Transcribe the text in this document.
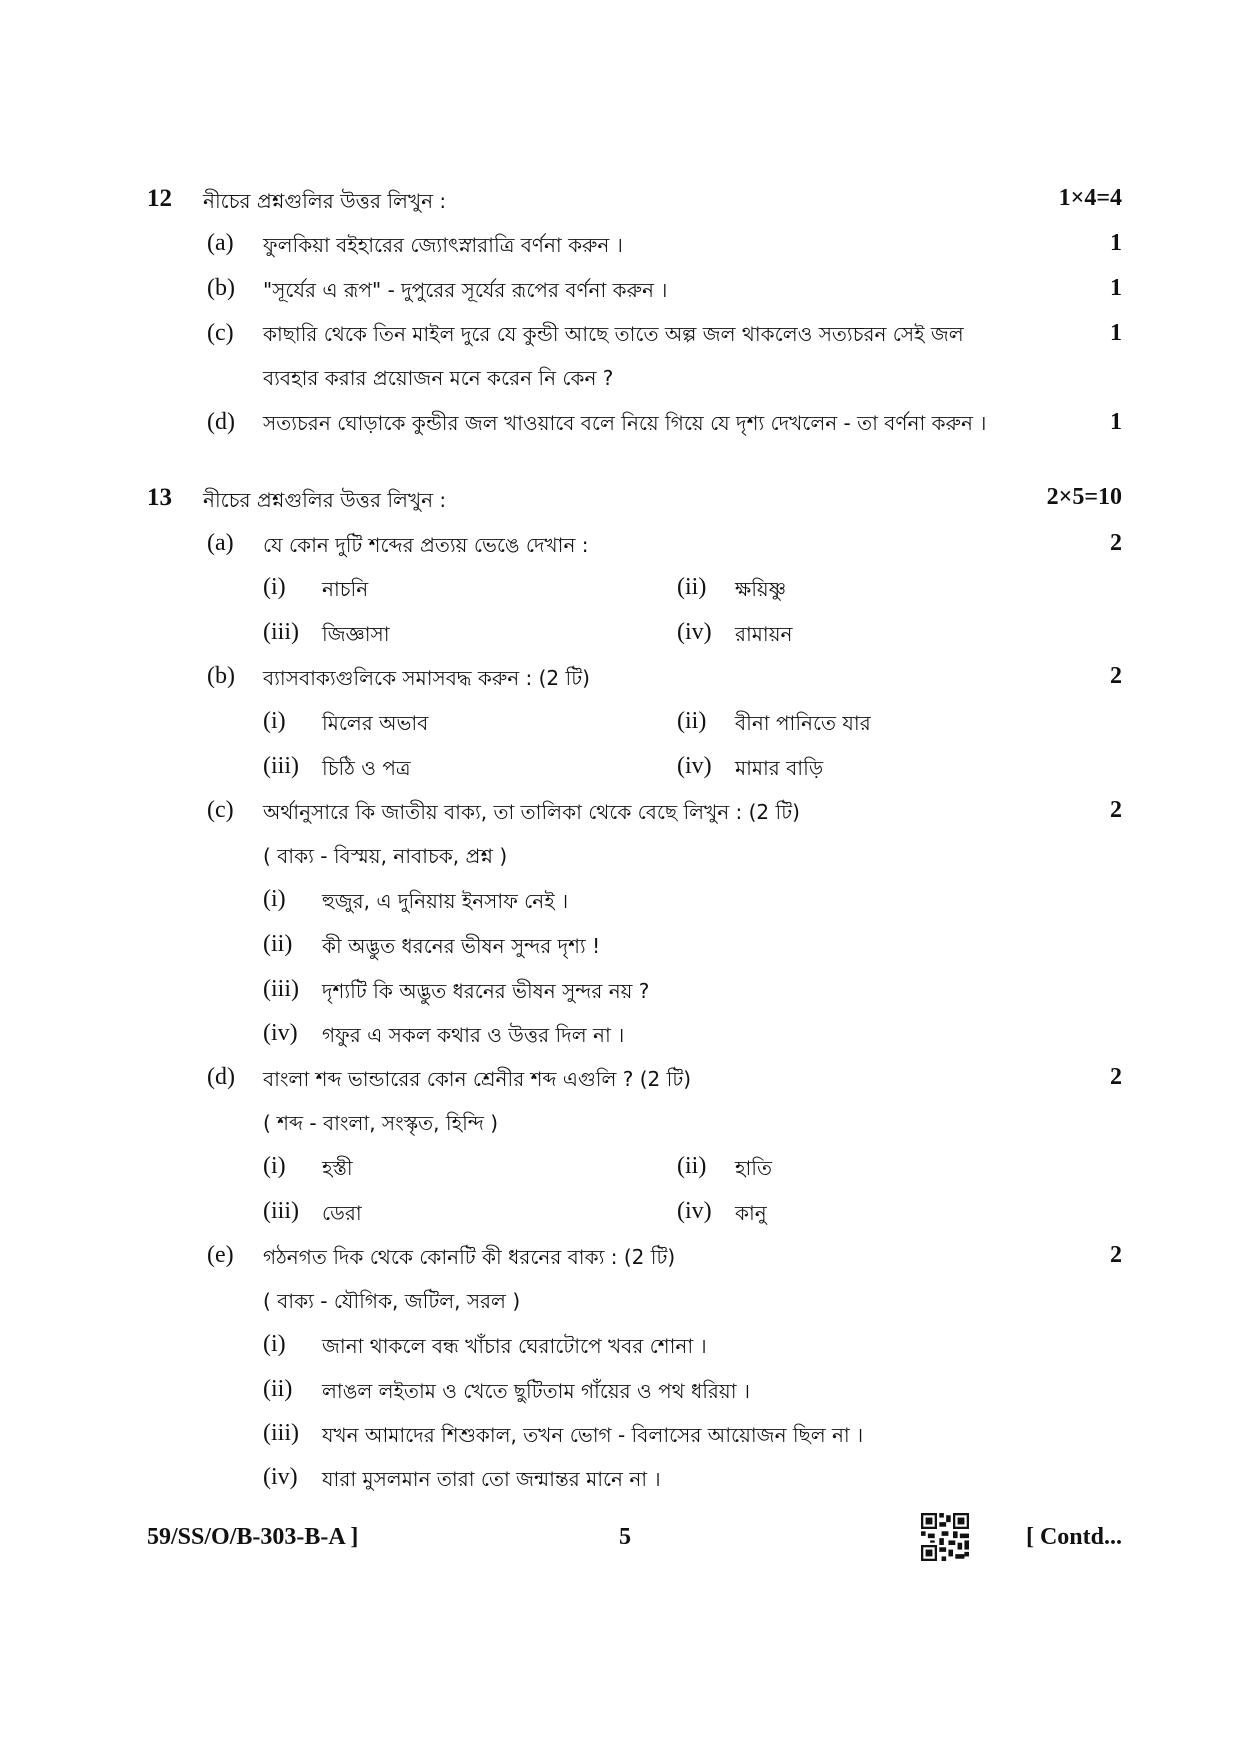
12 নীচের প্রশ্নগুলির উত্তর লিখুন :	1×4=4
(a) ফুলকিয়া বইহারের জ্যোৎস্নারাত্রি বর্ণনা করুন ।	1
(b) "সূর্যের এ রূপ" - দুপুরের সূর্যের রূপের বর্ণনা করুন ।	1
(c) কাছারি থেকে তিন মাইল দুরে যে কুন্ডী আছে তাতে অল্প জল থাকলেও সত্যচরন সেই জল	1
ব্যবহার করার প্রয়োজন মনে করেন নি কেন ?
(d) সত্যচরন ঘোড়াকে কুন্ডীর জল খাওয়াবে বলে নিয়ে গিয়ে যে দৃশ্য দেখলেন - তা বর্ণনা করুন ।	1
13 নীচের প্রশ্নগুলির উত্তর লিখুন :	2×5=10
(a) যে কোন দুটি শব্দের প্রত্যয় ভেঙে দেখান :	2
(i) নাচনি	(ii) ক্ষয়িষ্ণু
(iii) জিজ্ঞাসা	(iv) রামায়ন
(b) ব্যাসবাক্যগুলিকে সমাসবদ্ধ করুন : (2 টি)	2
(i) মিলের অভাব	(ii) বীনা পানিতে যার
(iii) চিঠি ও পত্র	(iv) মামার বাড়ি
(c) অর্থানুসারে কি জাতীয় বাক্য, তা তালিকা থেকে বেছে লিখুন : (2 টি)	2
( বাক্য - বিস্ময়, নাবাচক, প্রশ্ন )
(i) হুজুর, এ দুনিয়ায় ইনসাফ নেই ।
(ii) কী অদ্ভুত ধরনের ভীষন সুন্দর দৃশ্য !
(iii) দৃশ্যটি কি অদ্ভুত ধরনের ভীষন সুন্দর নয় ?
(iv) গফুর এ সকল কথার ও উত্তর দিল না ।
(d) বাংলা শব্দ ভান্ডারের কোন শ্রেনীর শব্দ এগুলি ? (2 টি)	2
( শব্দ - বাংলা, সংস্কৃত, হিন্দি )
(i) হস্তী	(ii) হাতি
(iii) ডেরা	(iv) কানু
(e) গঠনগত দিক থেকে কোনটি কী ধরনের বাক্য : (2 টি)	2
( বাক্য - যৌগিক, জটিল, সরল )
(i) জানা থাকলে বন্ধ খাঁচার ঘেরাটোপে খবর শোনা ।
(ii) লাঙল লইতাম ও খেতে ছুটিতাম গাঁয়ের ও পথ ধরিয়া ।
(iii) যখন আমাদের শিশুকাল, তখন ভোগ - বিলাসের আয়োজন ছিল না ।
(iv) যারা মুসলমান তারা তো জন্মান্তর মানে না ।
59/SS/O/B-303-B-A ]	5	[ Contd...
